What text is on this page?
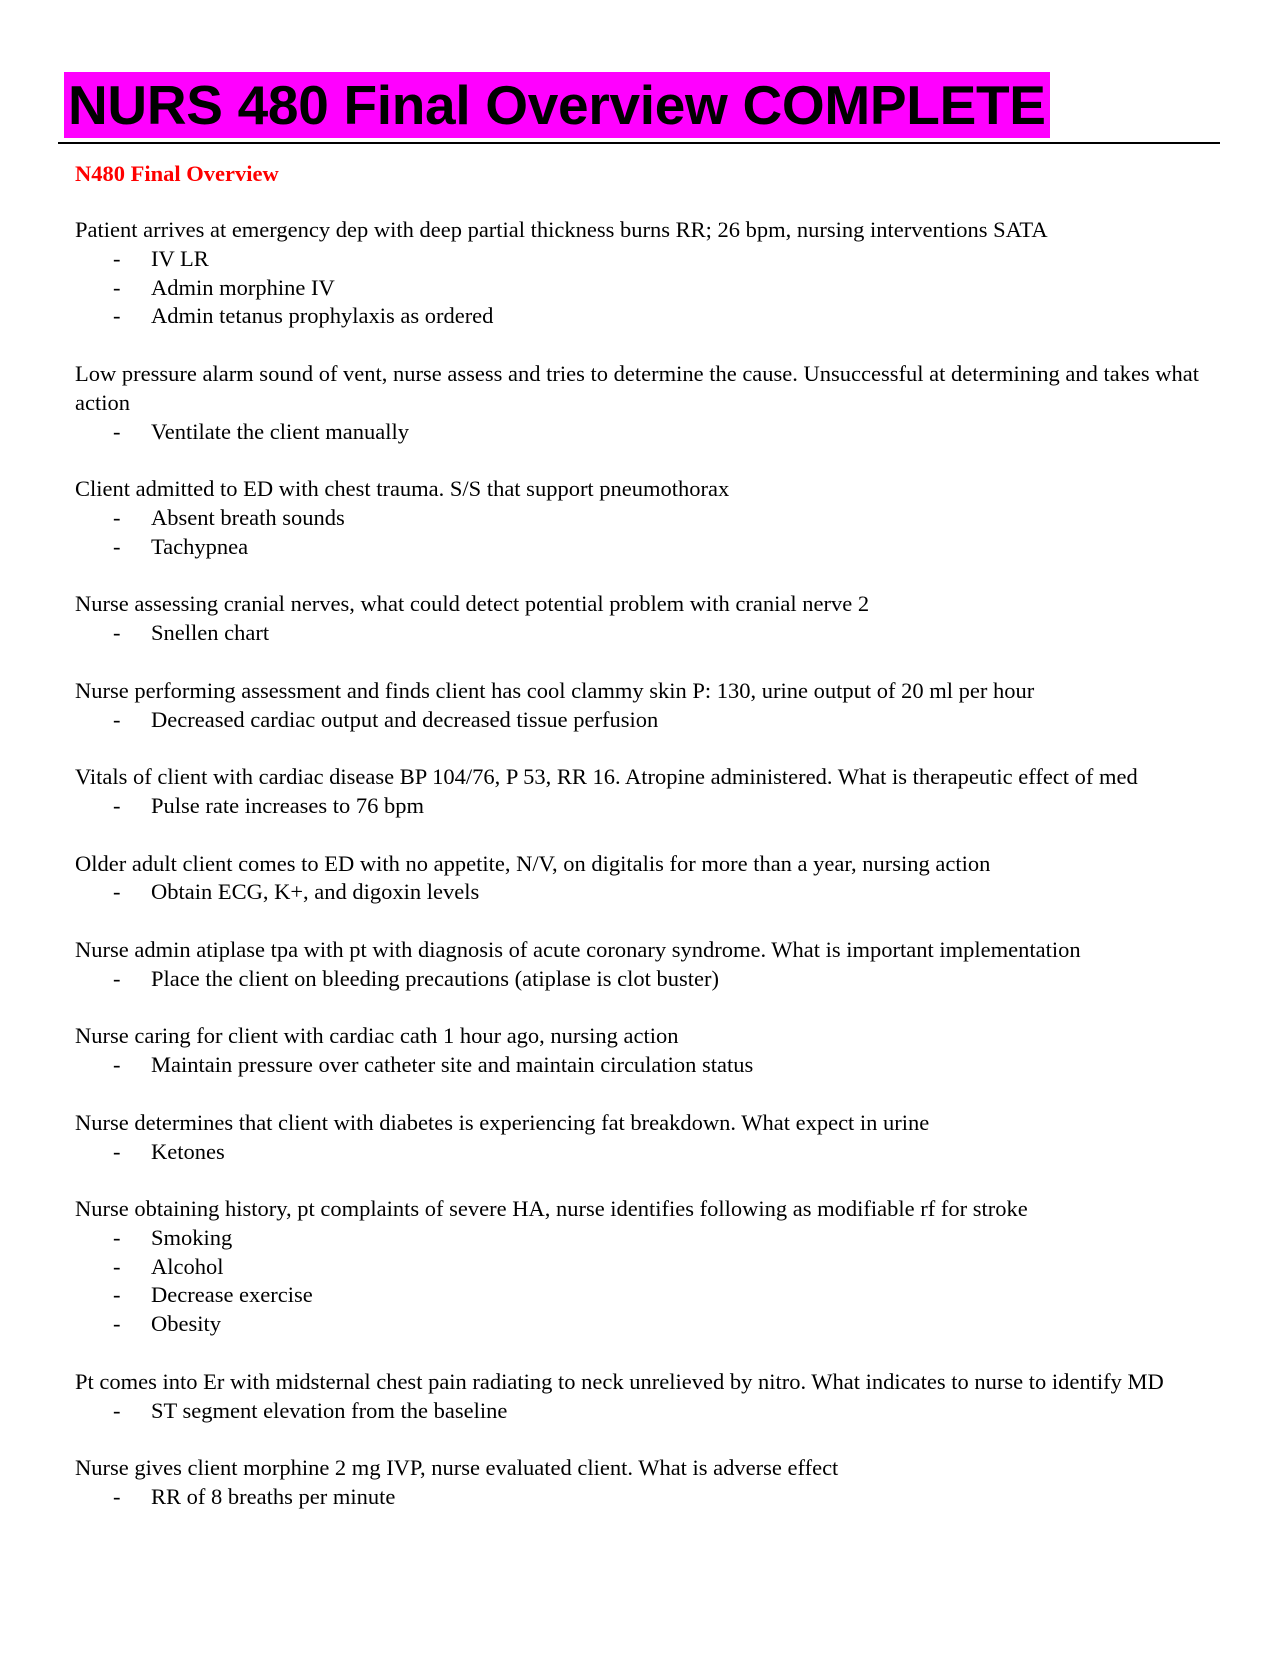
NURS 480 Final Overview COMPLETE
N480 Final Overview

Patient arrives at emergency dep with deep partial thickness burns RR; 26 bpm, nursing interventions SATA

- IV LR
- Admin morphine IV
- Admin tetanus prophylaxis as ordered

Low pressure alarm sound of vent, nurse assess and tries to determine the cause. Unsuccessful at determining and takes what action

- Ventilate the client manually

Client admitted to ED with chest trauma. S/S that support pneumothorax

- Absent breath sounds
- Tachypnea

Nurse assessing cranial nerves, what could detect potential problem with cranial nerve 2

- Snellen chart

Nurse performing assessment and finds client has cool clammy skin P: 130, urine output of 20 ml per hour

- Decreased cardiac output and decreased tissue perfusion

Vitals of client with cardiac disease BP 104/76, P 53, RR 16. Atropine administered. What is therapeutic effect of med

- Pulse rate increases to 76 bpm

Older adult client comes to ED with no appetite, N/V, on digitalis for more than a year, nursing action

- Obtain ECG, K+, and digoxin levels

Nurse admin atiplase tpa with pt with diagnosis of acute coronary syndrome. What is important implementation

- Place the client on bleeding precautions (atiplase is clot buster)

Nurse caring for client with cardiac cath 1 hour ago, nursing action

- Maintain pressure over catheter site and maintain circulation status

Nurse determines that client with diabetes is experiencing fat breakdown. What expect in urine

- Ketones

Nurse obtaining history, pt complaints of severe HA, nurse identifies following as modifiable rf for stroke

- Smoking
- Alcohol
- Decrease exercise
- Obesity

Pt comes into Er with midsternal chest pain radiating to neck unrelieved by nitro. What indicates to nurse to identify MD

- ST segment elevation from the baseline

Nurse gives client morphine 2 mg IVP, nurse evaluated client. What is adverse effect

- RR of 8 breaths per minute
